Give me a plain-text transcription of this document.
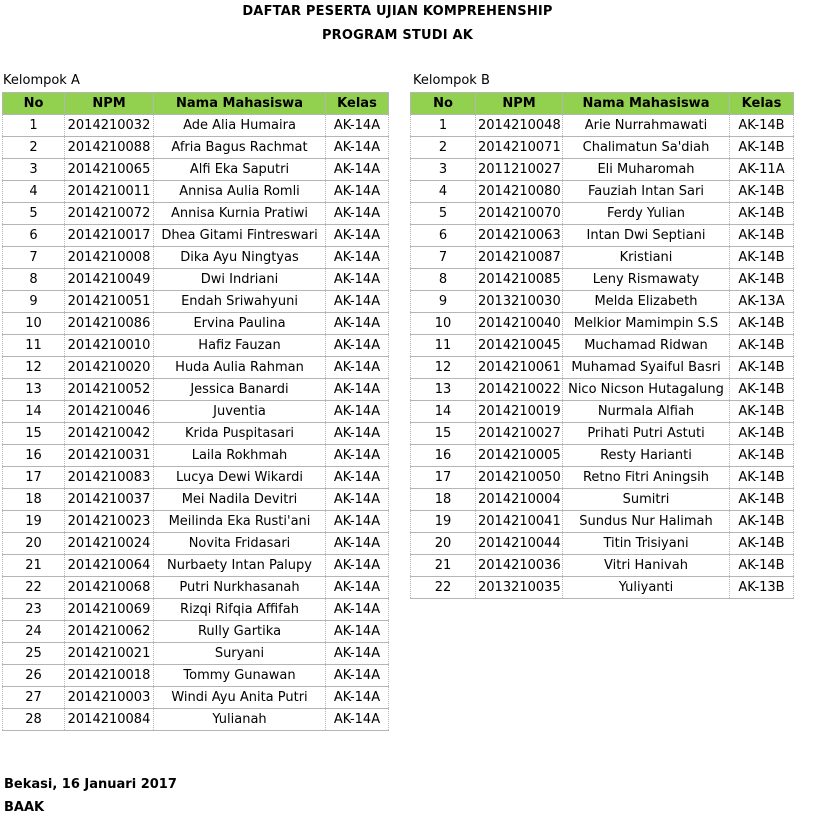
DAFTAR PESERTA UJIAN KOMPREHENSHIP
PROGRAM STUDI AK
Kelompok A	Kelompok B
No	NPM	Nama Mahasiswa	Kelas
1	2014210032	Ade Alia Humaira	AK-14A
2	2014210088	Afria Bagus Rachmat	AK-14A
3	2014210065	Alfi Eka Saputri	AK-14A
4	2014210011	Annisa Aulia Romli	AK-14A
5	2014210072	Annisa Kurnia Pratiwi	AK-14A
6	2014210017	Dhea Gitami Fintreswari	AK-14A
7	2014210008	Dika Ayu Ningtyas	AK-14A
8	2014210049	Dwi Indriani	AK-14A
9	2014210051	Endah Sriwahyuni	AK-14A
10	2014210086	Ervina Paulina	AK-14A
11	2014210010	Hafiz Fauzan	AK-14A
12	2014210020	Huda Aulia Rahman	AK-14A
13	2014210052	Jessica Banardi	AK-14A
14	2014210046	Juventia	AK-14A
15	2014210042	Krida Puspitasari	AK-14A
16	2014210031	Laila Rokhmah	AK-14A
17	2014210083	Lucya Dewi Wikardi	AK-14A
18	2014210037	Mei Nadila Devitri	AK-14A
19	2014210023	Meilinda Eka Rusti'ani	AK-14A
20	2014210024	Novita Fridasari	AK-14A
21	2014210064	Nurbaety Intan Palupy	AK-14A
22	2014210068	Putri Nurkhasanah	AK-14A
23	2014210069	Rizqi Rifqia Affifah	AK-14A
24	2014210062	Rully Gartika	AK-14A
25	2014210021	Suryani	AK-14A
26	2014210018	Tommy Gunawan	AK-14A
27	2014210003	Windi Ayu Anita Putri	AK-14A
28	2014210084	Yulianah	AK-14A
No	NPM	Nama Mahasiswa	Kelas
1	2014210048	Arie Nurrahmawati	AK-14B
2	2014210071	Chalimatun Sa'diah	AK-14B
3	2011210027	Eli Muharomah	AK-11A
4	2014210080	Fauziah Intan Sari	AK-14B
5	2014210070	Ferdy Yulian	AK-14B
6	2014210063	Intan Dwi Septiani	AK-14B
7	2014210087	Kristiani	AK-14B
8	2014210085	Leny Rismawaty	AK-14B
9	2013210030	Melda Elizabeth	AK-13A
10	2014210040	Melkior Mamimpin S.S	AK-14B
11	2014210045	Muchamad Ridwan	AK-14B
12	2014210061	Muhamad Syaiful Basri	AK-14B
13	2014210022	Nico Nicson Hutagalung	AK-14B
14	2014210019	Nurmala Alfiah	AK-14B
15	2014210027	Prihati Putri Astuti	AK-14B
16	2014210005	Resty Harianti	AK-14B
17	2014210050	Retno Fitri Aningsih	AK-14B
18	2014210004	Sumitri	AK-14B
19	2014210041	Sundus Nur Halimah	AK-14B
20	2014210044	Titin Trisiyani	AK-14B
21	2014210036	Vitri Hanivah	AK-14B
22	2013210035	Yuliyanti	AK-13B
Bekasi, 16 Januari 2017
BAAK
